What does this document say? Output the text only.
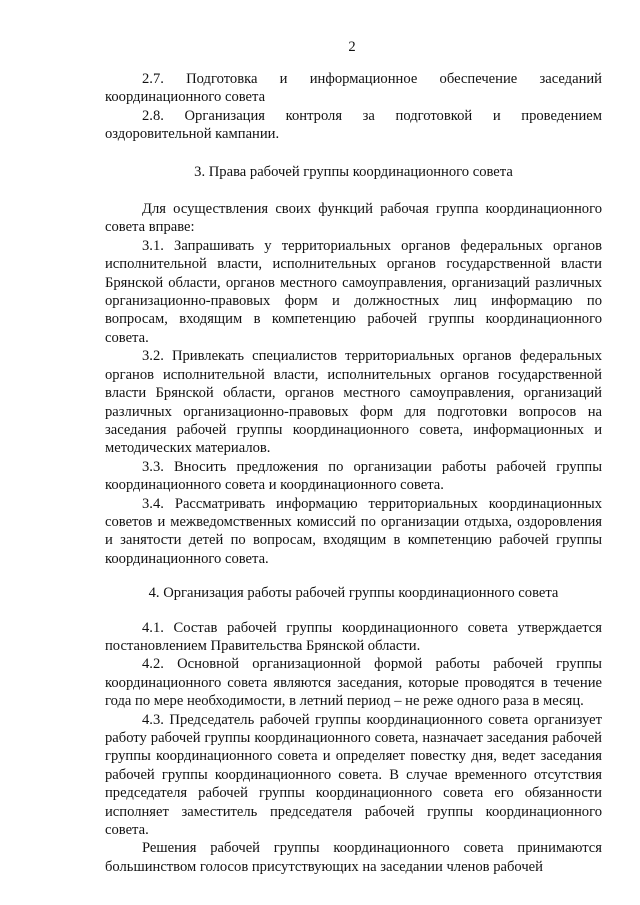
2

2.7. Подготовка и информационное обеспечение заседаний координационного совета

2.8. Организация контроля за подготовкой и проведением оздоровительной кампании.

3. Права рабочей группы координационного совета

Для осуществления своих функций рабочая группа координационного совета вправе:

3.1. Запрашивать у территориальных органов федеральных органов исполнительной власти, исполнительных органов государственной власти Брянской области, органов местного самоуправления, организаций различных организационно-правовых форм и должностных лиц информацию по вопросам, входящим в компетенцию рабочей группы координационного совета.

3.2. Привлекать специалистов территориальных органов федеральных органов исполнительной власти, исполнительных органов государственной власти Брянской области, органов местного самоуправления, организаций различных организационно-правовых форм для подготовки вопросов на заседания рабочей группы координационного совета, информационных и методических материалов.

3.3. Вносить предложения по организации работы рабочей группы координационного совета и координационного совета.

3.4. Рассматривать информацию территориальных координационных советов и межведомственных комиссий по организации отдыха, оздоровления и занятости детей по вопросам, входящим в компетенцию рабочей группы координационного совета.

4. Организация работы рабочей группы координационного совета

4.1. Состав рабочей группы координационного совета утверждается постановлением Правительства Брянской области.

4.2. Основной организационной формой работы рабочей группы координационного совета являются заседания, которые проводятся в течение года по мере необходимости, в летний период – не реже одного раза в месяц.

4.3. Председатель рабочей группы координационного совета организует работу рабочей группы координационного совета, назначает заседания рабочей группы координационного совета и определяет повестку дня, ведет заседания рабочей группы координационного совета. В случае временного отсутствия председателя рабочей группы координационного совета его обязанности исполняет заместитель председателя рабочей группы координационного совета.

Решения рабочей группы координационного совета принимаются большинством голосов присутствующих на заседании членов рабочей
